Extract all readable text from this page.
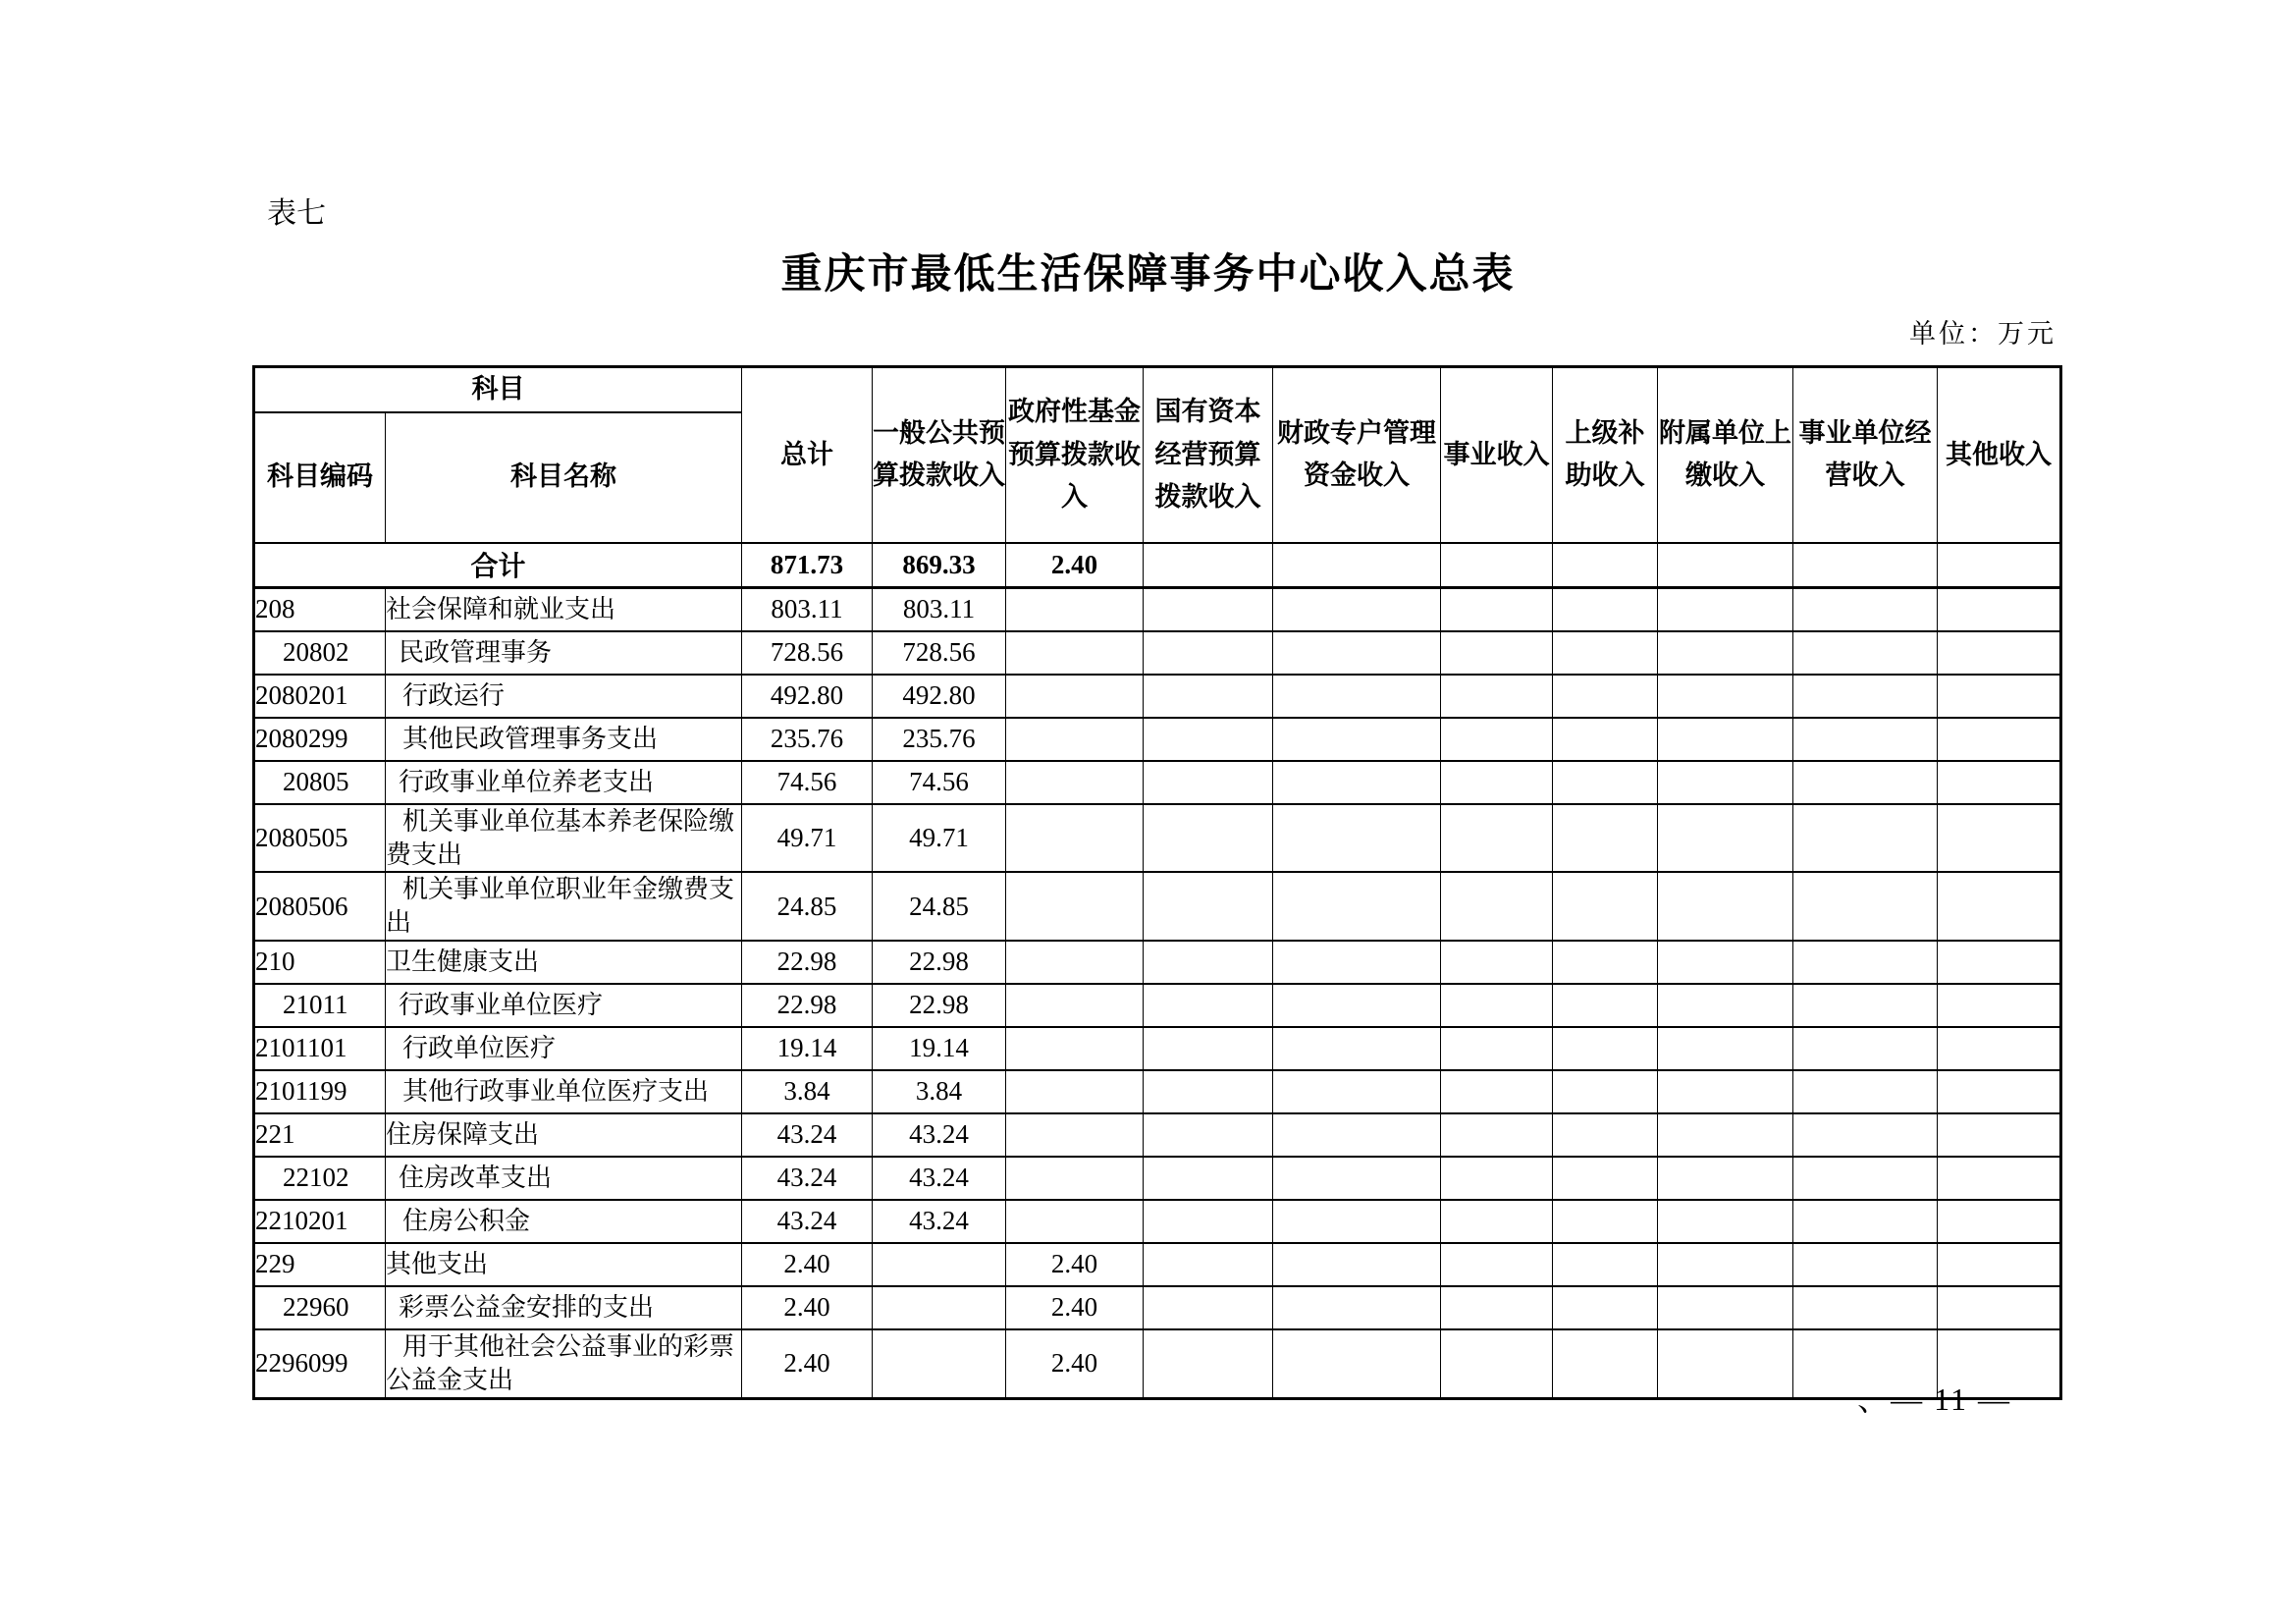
表七
重庆市最低生活保障事务中心收入总表
单位：万元
科目		总计	一般公共预算拨款收入	政府性基金预算拨款收入	国有资本经营预算拨款收入	财政专户管理资金收入	事业收入	上级补助收入	附属单位上缴收入	事业单位经营收入	其他收入
科目编码	科目名称										
合计		871.73	869.33	2.40							
208	社会保障和就业支出	803.11	803.11								
20802	民政管理事务	728.56	728.56								
2080201	行政运行	492.80	492.80								
2080299	其他民政管理事务支出	235.76	235.76								
20805	行政事业单位养老支出	74.56	74.56								
2080505	机关事业单位基本养老保险缴费支出	49.71	49.71								
2080506	机关事业单位职业年金缴费支出	24.85	24.85								
210	卫生健康支出	22.98	22.98								
21011	行政事业单位医疗	22.98	22.98								
2101101	行政单位医疗	19.14	19.14								
2101199	其他行政事业单位医疗支出	3.84	3.84								
221	住房保障支出	43.24	43.24								
22102	住房改革支出	43.24	43.24								
2210201	住房公积金	43.24	43.24								
229	其他支出	2.40		2.40							
22960	彩票公益金安排的支出	2.40		2.40							
2296099	用于其他社会公益事业的彩票公益金支出	2.40		2.40							
、— 11 —
